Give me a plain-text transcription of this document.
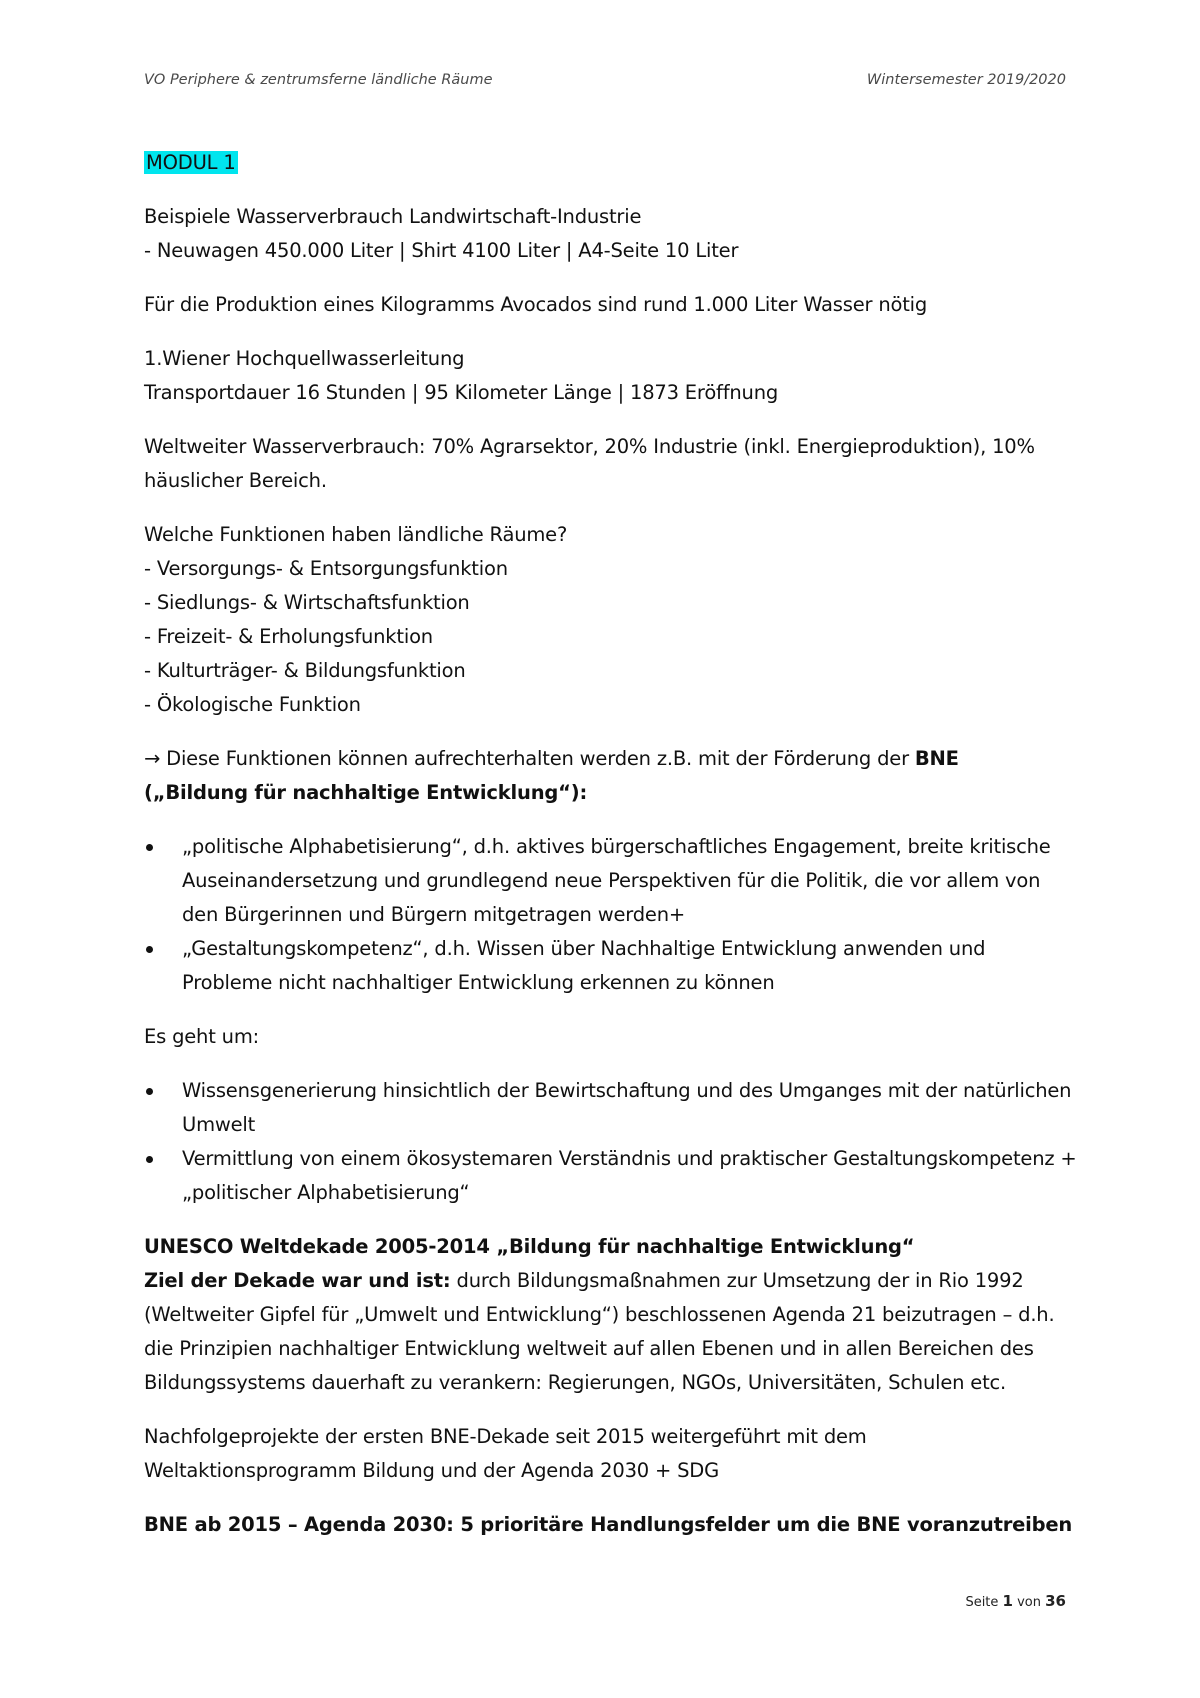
VO Periphere & zentrumsferne ländliche Räume	Wintersemester 2019/2020
MODUL 1
Beispiele Wasserverbrauch Landwirtschaft-Industrie
- Neuwagen 450.000 Liter | Shirt 4100 Liter | A4-Seite 10 Liter
Für die Produktion eines Kilogramms Avocados sind rund 1.000 Liter Wasser nötig
1.Wiener Hochquellwasserleitung
Transportdauer 16 Stunden | 95 Kilometer Länge | 1873 Eröffnung
Weltweiter Wasserverbrauch: 70% Agrarsektor, 20% Industrie (inkl. Energieproduktion), 10% häuslicher Bereich.
Welche Funktionen haben ländliche Räume?
- Versorgungs- & Entsorgungsfunktion
- Siedlungs- & Wirtschaftsfunktion
- Freizeit- & Erholungsfunktion
- Kulturträger- & Bildungsfunktion
- Ökologische Funktion
→ Diese Funktionen können aufrechterhalten werden z.B. mit der Förderung der BNE
(„Bildung für nachhaltige Entwicklung“):
„politische Alphabetisierung“, d.h. aktives bürgerschaftliches Engagement, breite kritische Auseinandersetzung und grundlegend neue Perspektiven für die Politik, die vor allem von den Bürgerinnen und Bürgern mitgetragen werden+
„Gestaltungskompetenz“, d.h. Wissen über Nachhaltige Entwicklung anwenden und Probleme nicht nachhaltiger Entwicklung erkennen zu können
Es geht um:
Wissensgenerierung hinsichtlich der Bewirtschaftung und des Umganges mit der natürlichen Umwelt
Vermittlung von einem ökosystemaren Verständnis und praktischer Gestaltungskompetenz + „politischer Alphabetisierung“
UNESCO Weltdekade 2005-2014 „Bildung für nachhaltige Entwicklung“
Ziel der Dekade war und ist: durch Bildungsmaßnahmen zur Umsetzung der in Rio 1992 (Weltweiter Gipfel für „Umwelt und Entwicklung“) beschlossenen Agenda 21 beizutragen – d.h. die Prinzipien nachhaltiger Entwicklung weltweit auf allen Ebenen und in allen Bereichen des Bildungssystems dauerhaft zu verankern: Regierungen, NGOs, Universitäten, Schulen etc.
Nachfolgeprojekte der ersten BNE-Dekade seit 2015 weitergeführt mit dem Weltaktionsprogramm Bildung und der Agenda 2030 + SDG
BNE ab 2015 – Agenda 2030: 5 prioritäre Handlungsfelder um die BNE voranzutreiben
Seite 1 von 36
